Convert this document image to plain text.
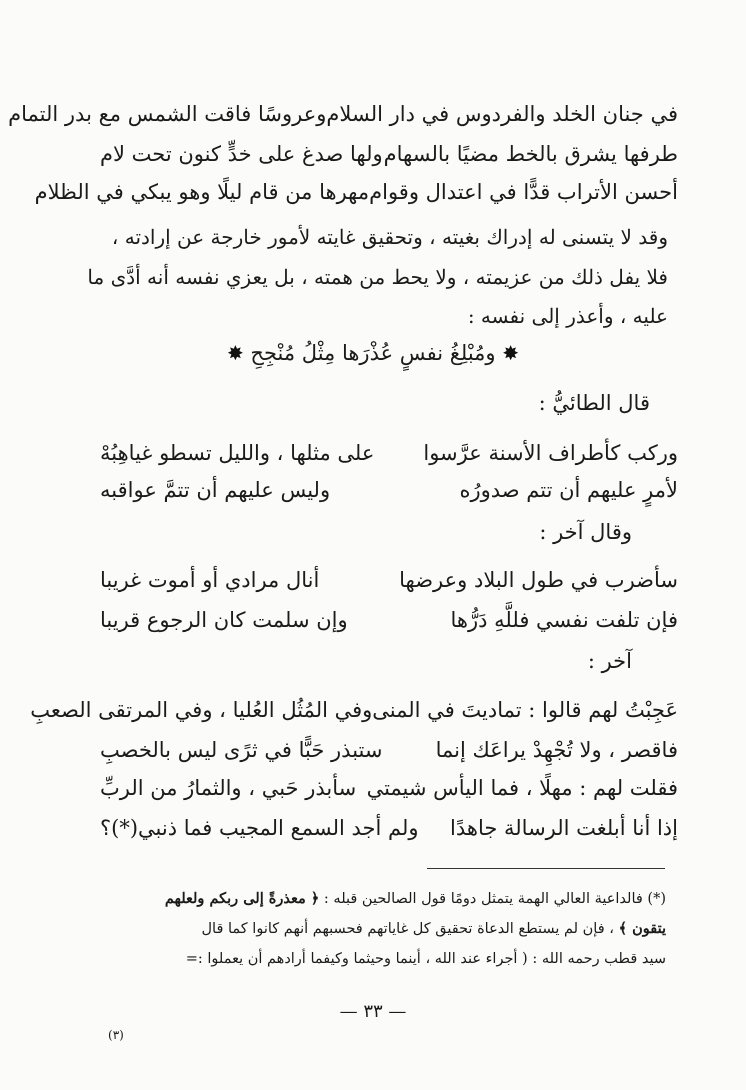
في جنان الخلد والفردوس في دار السلام
وعروسًا فاقت الشمس مع بدر التمام
طرفها يشرق بالخط مضيًا بالسهام
ولها صدغ على خدٍّ كنون تحت لام
أحسن الأتراب قدًّا في اعتدال وقوام
مهرها من قام ليلًا وهو يبكي في الظلام
وقد لا يتسنى له إدراك بغيته ، وتحقيق غايته لأمور خارجة عن إرادته ،
فلا يفل ذلك من عزيمته ، ولا يحط من همته ، بل يعزي نفسه أنه أدَّى ما
عليه ، وأعذر إلى نفسه :
✸ ومُبْلِغُ نفسٍ عُذْرَها مِثْلُ مُنْجِحِ ✸
قال الطائيُّ :
وركب كأطراف الأسنة عرَّسوا
على مثلها ، والليل تسطو غياهِبُهْ
لأمرٍ عليهم أن تتم صدورُه
وليس عليهم أن تتمَّ عواقبه
وقال آخر :
سأضرب في طول البلاد وعرضها
أنال مرادي أو أموت غريبا
فإن تلفت نفسي فللَّهِ دَرُّها
وإن سلمت كان الرجوع قريبا
آخر :
عَجِبْتُ لهم قالوا : تماديتَ في المنى
وفي المُثُل العُليا ، وفي المرتقى الصعبِ
فاقصر ، ولا تُجْهِدْ يراعَك إنما
ستبذر حَبًّا في ثرًى ليس بالخصبِ
فقلت لهم : مهلًا ، فما اليأس شيمتي
سأبذر حَبي ، والثمارُ من الربِّ
إذا أنا أبلغت الرسالة جاهدًا
ولم أجد السمع المجيب فما ذنبي(*)؟
(*) فالداعية العالي الهمة يتمثل دومًا قول الصالحين قبله : ﴿ معذرةً إلى ربكم ولعلهم
يتقون ﴾ ، فإن لم يستطع الدعاة تحقيق كل غاياتهم فحسبهم أنهم كانوا كما قال
سيد قطب رحمه الله : ( أجراء عند الله ، أينما وحيثما وكيفما أرادهم أن يعملوا :=
— ٣٣ —
(٣)
